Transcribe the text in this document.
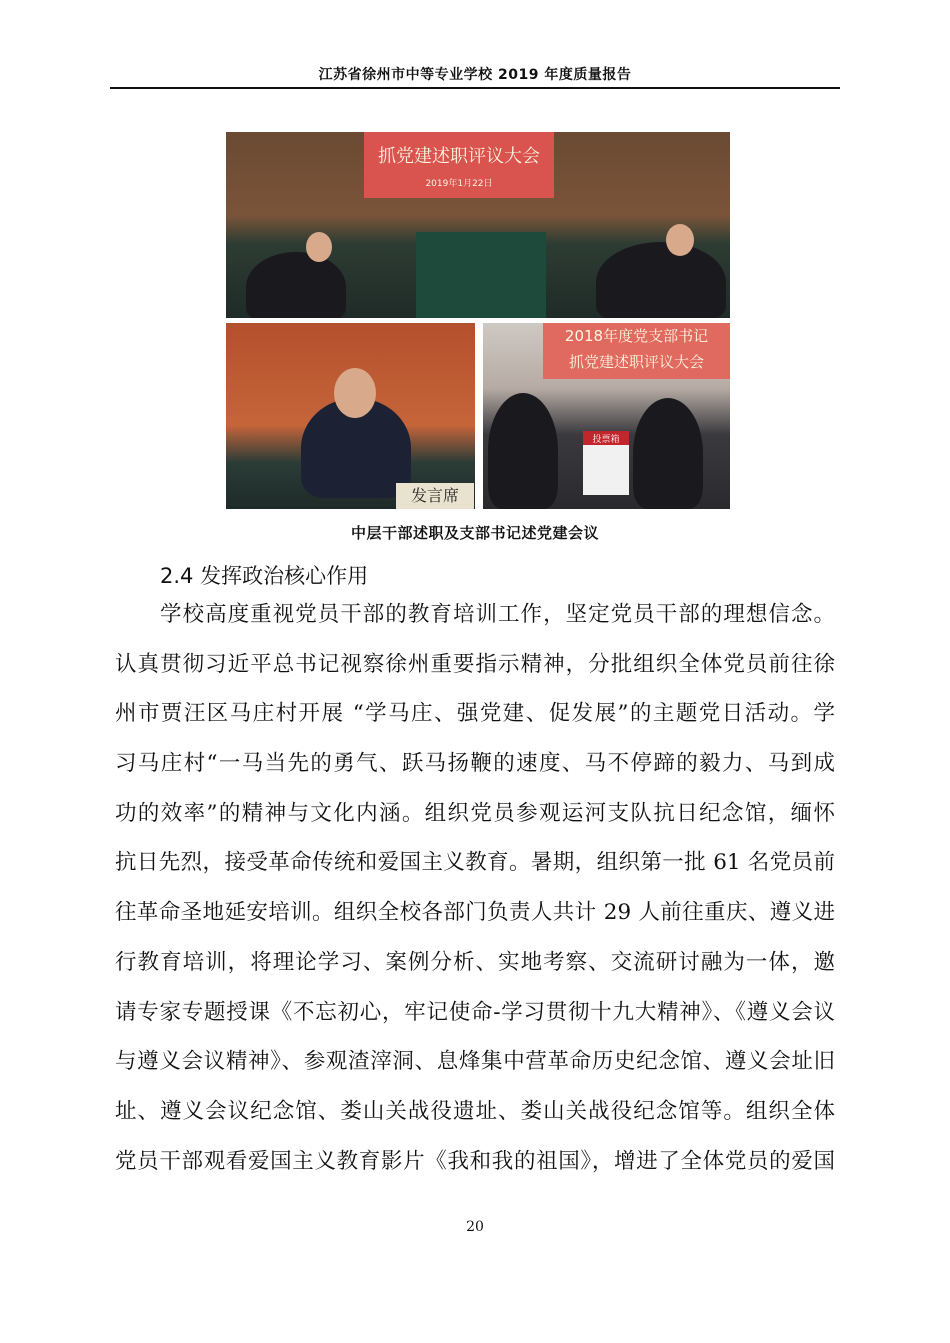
江苏省徐州市中等专业学校 2019 年度质量报告
抓党建述职评议大会
2019年1月22日
发言席
2018年度党支部书记
抓党建述职评议大会
投票箱
中层干部述职及支部书记述党建会议
2.4 发挥政治核心作用
学校高度重视党员干部的教育培训工作，坚定党员干部的理想信念。
认真贯彻习近平总书记视察徐州重要指示精神，分批组织全体党员前往徐
州市贾汪区马庄村开展 “学马庄、强党建、促发展”的主题党日活动。学
习马庄村“一马当先的勇气、跃马扬鞭的速度、马不停蹄的毅力、马到成
功的效率”的精神与文化内涵。组织党员参观运河支队抗日纪念馆，缅怀
抗日先烈，接受革命传统和爱国主义教育。暑期，组织第一批 61 名党员前
往革命圣地延安培训。组织全校各部门负责人共计 29 人前往重庆、遵义进
行教育培训，将理论学习、案例分析、实地考察、交流研讨融为一体，邀
请专家专题授课《不忘初心，牢记使命-学习贯彻十九大精神》、《遵义会议
与遵义会议精神》、参观渣滓洞、息烽集中营革命历史纪念馆、遵义会址旧
址、遵义会议纪念馆、娄山关战役遗址、娄山关战役纪念馆等。组织全体
党员干部观看爱国主义教育影片《我和我的祖国》，增进了全体党员的爱国
20
